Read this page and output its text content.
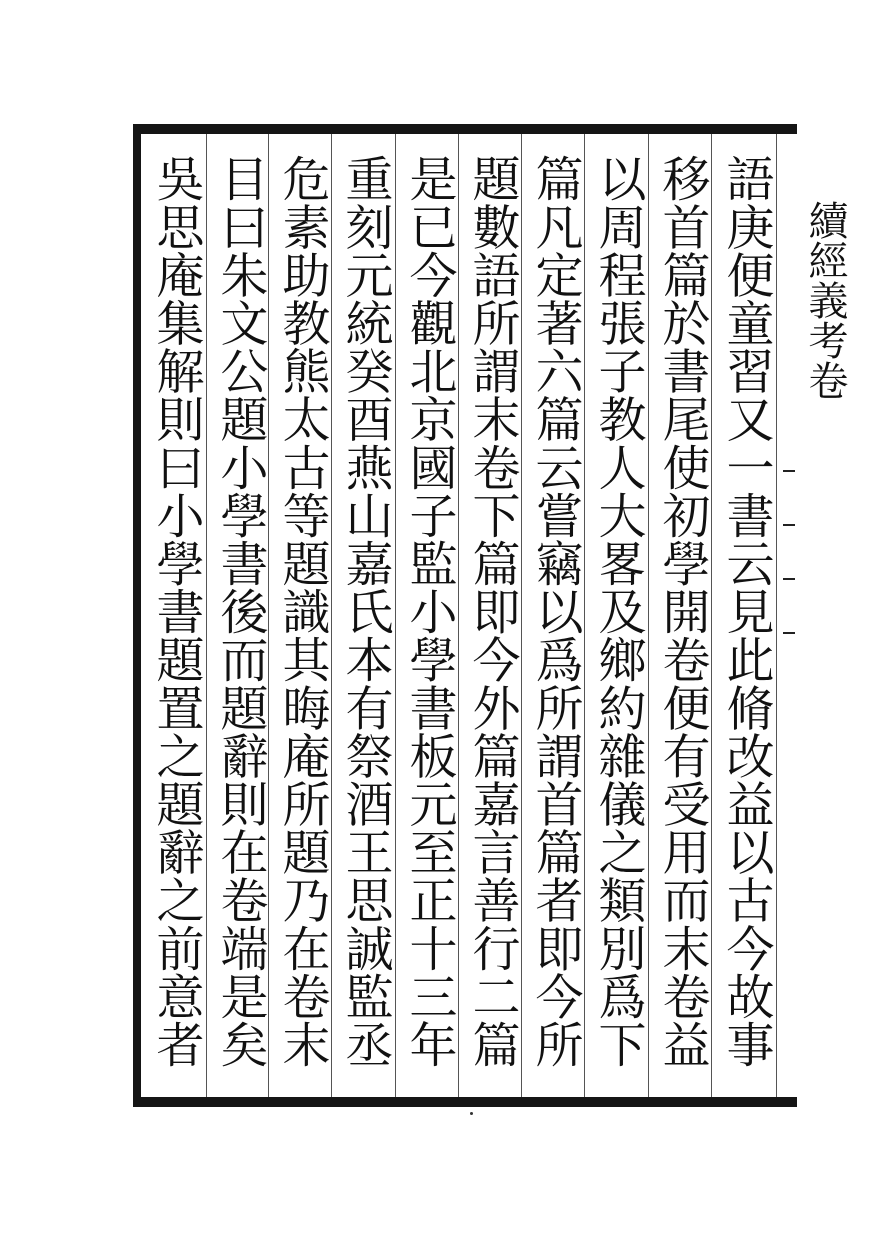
語庚便童習又一書云見此脩改益以古今故事
移首篇於書尾使初學開卷便有受用而末卷益
以周程張子教人大畧及鄉約雜儀之類別爲下
篇凡定著六篇云嘗竊以爲所謂首篇者即今所
題數語所謂末卷下篇即今外篇嘉言善行二篇
是已今觀北京國子監小學書板元至正十三年
重刻元統癸酉燕山嘉氏本有祭酒王思誠監丞
危素助教熊太古等題識其晦庵所題乃在卷末
目曰朱文公題小學書後而題辭則在卷端是矣
吳思庵集解則曰小學書題置之題辭之前意者	續經義考卷
